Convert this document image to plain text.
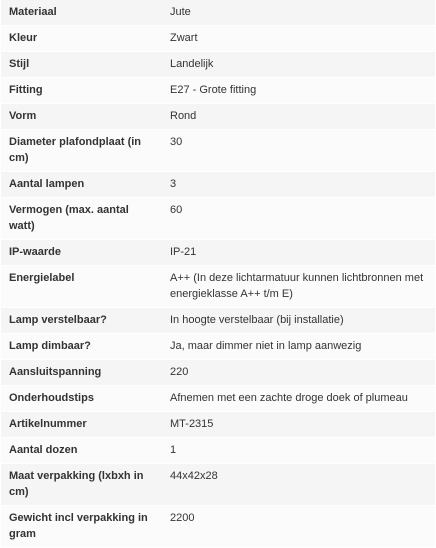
Materiaal	Jute
Kleur	Zwart
Stijl	Landelijk
Fitting	E27 - Grote fitting
Vorm	Rond
Diameter plafondplaat (in cm)	30
Aantal lampen	3
Vermogen (max. aantal watt)	60
IP-waarde	IP-21
Energielabel	A++ (In deze lichtarmatuur kunnen lichtbronnen met energieklasse A++ t/m E)
Lamp verstelbaar?	In hoogte verstelbaar (bij installatie)
Lamp dimbaar?	Ja, maar dimmer niet in lamp aanwezig
Aansluitspanning	220
Onderhoudstips	Afnemen met een zachte droge doek of plumeau
Artikelnummer	MT-2315
Aantal dozen	1
Maat verpakking (lxbxh in cm)	44x42x28
Gewicht incl verpakking in gram	2200
